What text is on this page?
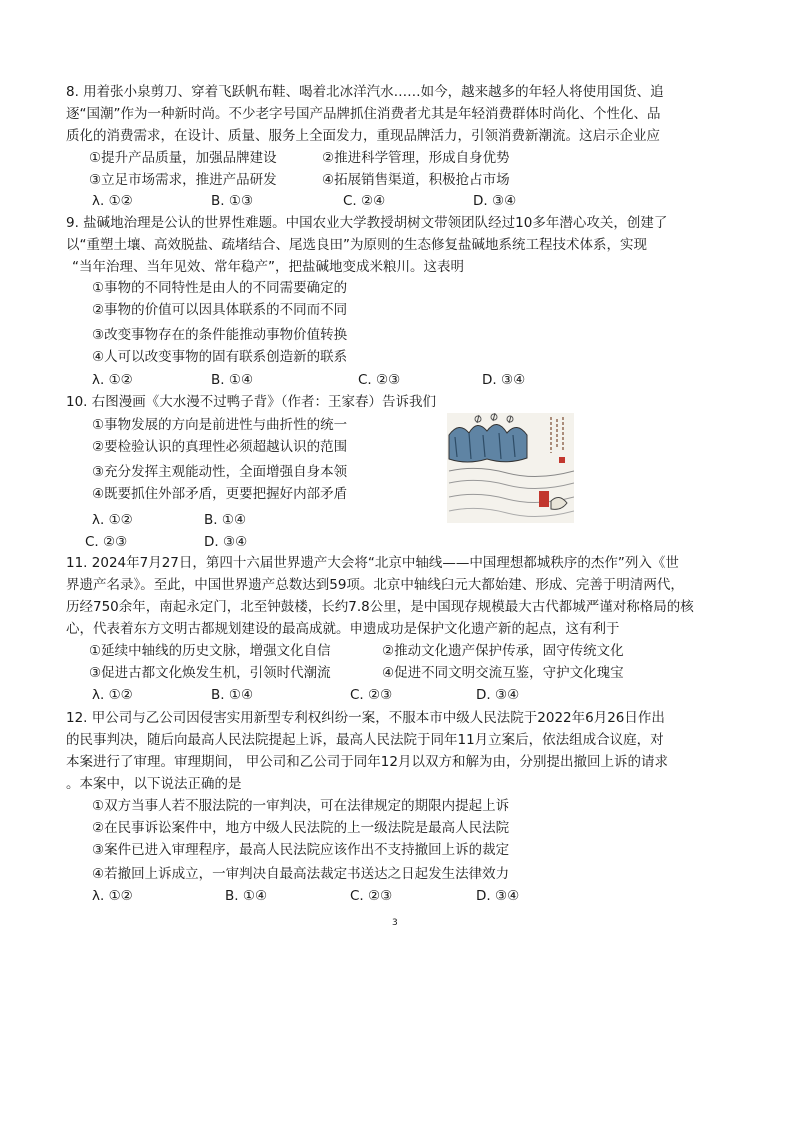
8. 用着张小泉剪刀、穿着飞跃帆布鞋、喝着北冰洋汽水……如今，越来越多的年轻人将使用国货、追
逐“国潮”作为一种新时尚。不少老字号国产品牌抓住消费者尤其是年轻消费群体时尚化、个性化、品
质化的消费需求，在设计、质量、服务上全面发力，重现品牌活力，引领消费新潮流。这启示企业应
①提升产品质量，加强品牌建设	②推进科学管理，形成自身优势
③立足市场需求，推进产品研发	④拓展销售渠道，积极抢占市场
λ. ①②	B. ①③	C. ②④	D. ③④
9. 盐碱地治理是公认的世界性难题。中国农业大学教授胡树文带领团队经过10多年潜心攻关，创建了
以“重塑土壤、高效脱盐、疏堵结合、尾选良田”为原则的生态修复盐碱地系统工程技术体系，实现
“当年治理、当年见效、常年稳产”，把盐碱地变成米粮川。这表明
①事物的不同特性是由人的不同需要确定的
②事物的价值可以因具体联系的不同而不同
③改变事物存在的条件能推动事物价值转换
④人可以改变事物的固有联系创造新的联系
λ. ①②	B. ①④	C. ②③	D. ③④
10. 右图漫画《大水漫不过鸭子背》（作者：王家春）告诉我们
①事物发展的方向是前进性与曲折性的统一
②要检验认识的真理性必须超越认识的范围
③充分发挥主观能动性，全面增强自身本领
④既要抓住外部矛盾，更要把握好内部矛盾
λ. ①②	B. ①④
C. ②③	D. ③④
11. 2024年7月27日，第四十六届世界遗产大会将“北京中轴线——中国理想都城秩序的杰作”列入《世
界遗产名录》。至此，中国世界遗产总数达到59项。北京中轴线臼元大都始建、形成、完善于明清两代，
历经750余年，南起永定门，北至钟鼓楼，长约7.8公里，是中国现存规模最大古代都城严谨对称格局的核
心，代表着东方文明古都规划建设的最高成就。申遗成功是保护文化遗产新的起点，这有利于
①延续中轴线的历史文脉，增强文化自信	②推动文化遗产保护传承，固守传统文化
③促进古都文化焕发生机，引领时代潮流	④促进不同文明交流互鉴，守护文化瑰宝
λ. ①②	B. ①④	C. ②③	D. ③④
12. 甲公司与乙公司因侵害实用新型专利权纠纷一案，不服本市中级人民法院于2022年6月26日作出
的民事判决，随后向最高人民法院提起上诉，最高人民法院于同年11月立案后，依法组成合议庭，对
本案进行了审理。审理期间， 甲公司和乙公司于同年12月以双方和解为由，分别提出撤回上诉的请求
。本案中，以下说法正确的是
①双方当事人若不服法院的一审判决，可在法律规定的期限内提起上诉
②在民事诉讼案件中，地方中级人民法院的上一级法院是最高人民法院
③案件已进入审理程序，最高人民法院应该作出不支持撤回上诉的裁定
④若撤回上诉成立，一审判决自最高法裁定书送达之日起发生法律效力
λ. ①②	B. ①④	C. ②③	D. ③④
3
